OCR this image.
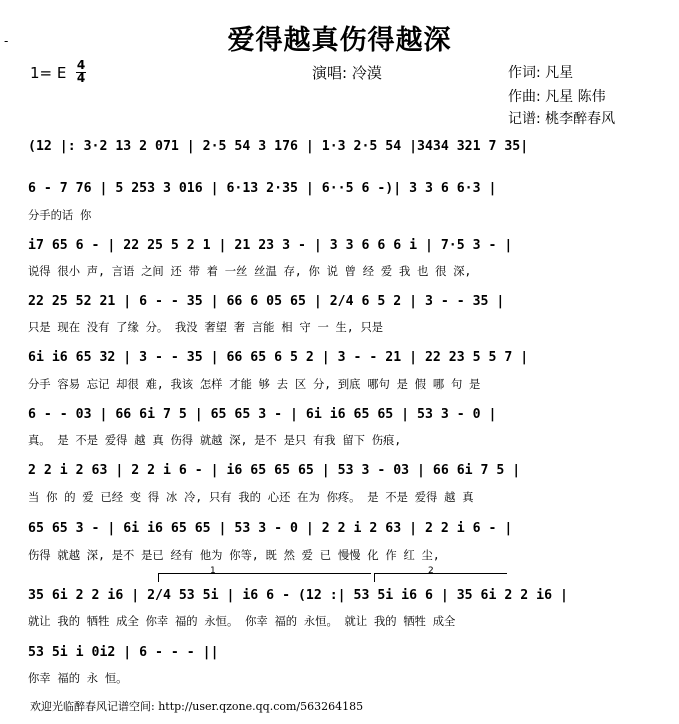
-	爱得越真伤得越深
1= E 4
4	演唱: 冷漠	作词: 凡星
作曲: 凡星 陈伟
记谱: 桃李醉春风
(12 |: 3·2 13 2 071 | 2·5 54 3 176 | 1·3 2·5 54 |3434 321 7 35|
6 - 7 76 | 5 253 3 016 | 6·13 2·35 | 6··5 6 -)| 3 3 6 6·3 |
分手的话 你
i7 65 6 - | 22 25 5 2 1 | 21 23 3 - | 3 3 6 6 6 i | 7·5 3 - |
说得 很小 声, 言语 之间 还 带 着 一丝 丝温 存, 你 说 曾 经 爱 我 也 很 深,
22 25 52 21 | 6 - - 35 | 66 6 05 65 | 2/4 6 5 2 | 3 - - 35 |
只是 现在 没有 了缘 分。 我没 奢望 奢 言能 相 守 一 生, 只是
6i i6 65 32 | 3 - - 35 | 66 65 6 5 2 | 3 - - 21 | 22 23 5 5 7 |
分手 容易 忘记 却很 难, 我该 怎样 才能 够 去 区 分, 到底 哪句 是 假 哪 句 是
6 - - 03 | 66 6i 7 5 | 65 65 3 - | 6i i6 65 65 | 53 3 - 0 |
真。 是 不是 爱得 越 真 伤得 就越 深, 是不 是只 有我 留下 伤痕,
2 2 i 2 63 | 2 2 i 6 - | i6 65 65 65 | 53 3 - 03 | 66 6i 7 5 |
当 你 的 爱 已经 变 得 冰 冷, 只有 我的 心还 在为 你疼。 是 不是 爱得 越 真
65 65 3 - | 6i i6 65 65 | 53 3 - 0 | 2 2 i 2 63 | 2 2 i 6 - |
伤得 就越 深, 是不 是已 经有 他为 你等, 既 然 爱 已 慢慢 化 作 红 尘,
1	2
35 6i 2 2 i6 | 2/4 53 5i | i6 6 - (12 :| 53 5i i6 6 | 35 6i 2 2 i6 |
就让 我的 牺牲 成全 你幸 福的 永恒。 你幸 福的 永恒。 就让 我的 牺牲 成全
53 5i i 0i2 | 6 - - - ||
你幸 福的 永 恒。
欢迎光临醉春风记谱空间: http://user.qzone.qq.com/563264185
